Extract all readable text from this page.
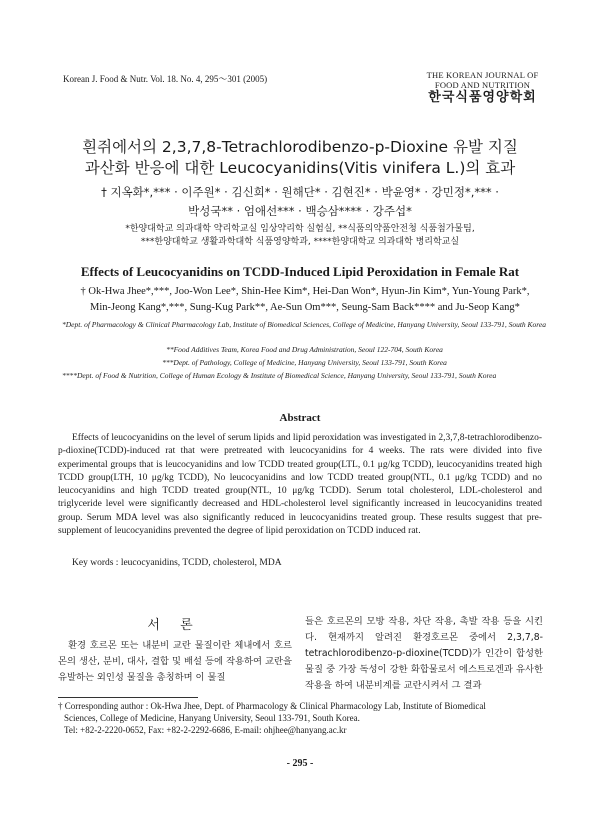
Korean J. Food & Nutr. Vol. 18. No. 4, 295～301 (2005)	THE KOREAN JOURNAL OF
FOOD AND NUTRITION
한국식품영양학회
흰쥐에서의 2,3,7,8-Tetrachlorodibenzo-p-Dioxine 유발 지질
과산화 반응에 대한 Leucocyanidins(Vitis vinifera L.)의 효과
† 지옥화*,*** · 이주원* · 김신희* · 원해단* · 김현진* · 박윤영* · 강민정*,*** ·
박성국** · 엄애선*** · 백승삼**** · 강주섭*
*한양대학교 의과대학 약리학교실 임상약리학 실험실, **식품의약품안전청 식품첨가물팀,
***한양대학교 생활과학대학 식품영양학과, ****한양대학교 의과대학 병리학교실
Effects of Leucocyanidins on TCDD-Induced Lipid Peroxidation in Female Rat
† Ok-Hwa Jhee*,***, Joo-Won Lee*, Shin-Hee Kim*, Hei-Dan Won*, Hyun-Jin Kim*, Yun-Young Park*,
Min-Jeong Kang*,***, Sung-Kug Park**, Ae-Sun Om***, Seung-Sam Back**** and Ju-Seop Kang*
*Dept. of Pharmacology & Clinical Pharmacology Lab, Institute of Biomedical Sciences, College of Medicine, Hanyang University, Seoul 133-791, South Korea
**Food Additives Team, Korea Food and Drug Administration, Seoul 122-704, South Korea
***Dept. of Pathology, College of Medicine, Hanyang University, Seoul 133-791, South Korea
****Dept. of Food & Nutrition, College of Human Ecology & Institute of Biomedical Science, Hanyang University, Seoul 133-791, South Korea
Abstract
Effects of leucocyanidins on the level of serum lipids and lipid peroxidation was investigated in 2,3,7,8-tetrachlorodibenzo-p-dioxine(TCDD)-induced rat that were pretreated with leucocyanidins for 4 weeks. The rats were divided into five experimental groups that is leucocyanidins and low TCDD treated group(LTL, 0.1 μg/kg TCDD), leucocyanidins treated high TCDD group(LTH, 10 μg/kg TCDD), No leucocyanidins and low TCDD treated group(NTL, 0.1 μg/kg TCDD) and no leucocyanidins and high TCDD treated group(NTL, 10 μg/kg TCDD). Serum total cholesterol, LDL-cholesterol and triglyceride level were significantly decreased and HDL-cholesterol level significantly increased in leucocyanidins treated group. Serum MDA level was also significantly reduced in leucocyanidins treated group. These results suggest that pre-supplement of leucocyanidins prevented the degree of lipid peroxidation on TCDD induced rat.
Key words : leucocyanidins, TCDD, cholesterol, MDA
서 론
환경 호르몬 또는 내분비 교란 물질이란 체내에서 호르몬의 생산, 분비, 대사, 결합 및 배설 등에 작용하여 교란을 유발하는 외인성 물질을 총칭하며 이 물질
들은 호르몬의 모방 작용, 차단 작용, 촉발 작용 등을 시킨다. 현재까지 알려진 환경호르몬 중에서 2,3,7,8-tetrachlorodibenzo-p-dioxine(TCDD)가 인간이 합성한 물질 중 가장 독성이 강한 화합물로서 에스트로겐과 유사한 작용을 하여 내분비계를 교란시켜서 그 결과
† Corresponding author : Ok-Hwa Jhee, Dept. of Pharmacology & Clinical Pharmacology Lab, Institute of Biomedical
Sciences, College of Medicine, Hanyang University, Seoul 133-791, South Korea.
Tel: +82-2-2220-0652, Fax: +82-2-2292-6686, E-mail: ohjhee@hanyang.ac.kr
- 295 -
